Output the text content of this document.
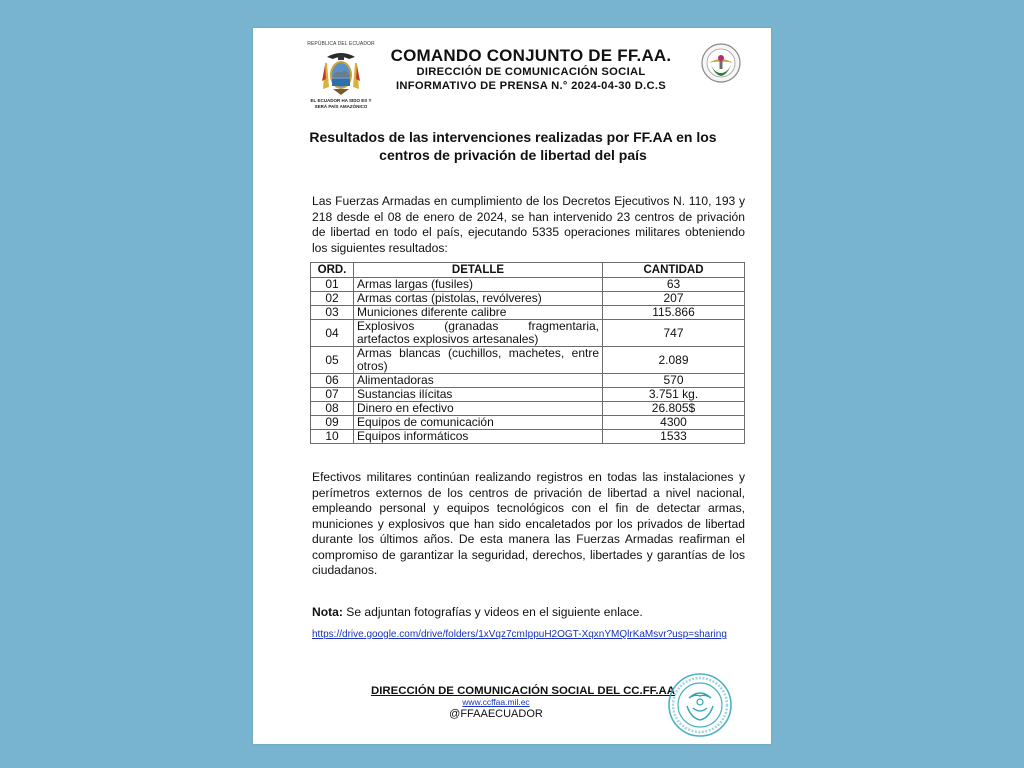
REPÚBLICA DEL ECUADOR
EL ECUADOR HA SIDO ES Y SERÁ PAÍS AMAZÓNICO
COMANDO CONJUNTO DE FF.AA.
DIRECCIÓN DE COMUNICACIÓN SOCIAL
INFORMATIVO DE PRENSA N.° 2024-04-30 D.C.S
Resultados de las intervenciones realizadas por FF.AA en los centros de privación de libertad del país
Las Fuerzas Armadas en cumplimiento de los Decretos Ejecutivos N. 110, 193 y 218 desde el 08 de enero de 2024, se han intervenido 23 centros de privación de libertad en todo el país, ejecutando 5335 operaciones militares obteniendo los siguientes resultados:
ORD.	DETALLE	CANTIDAD
01	Armas largas (fusiles)	63
02	Armas cortas (pistolas, revólveres)	207
03	Municiones diferente calibre	115.866
04	Explosivos (granadas fragmentaria, artefactos explosivos artesanales)	747
05	Armas blancas (cuchillos, machetes, entre otros)	2.089
06	Alimentadoras	570
07	Sustancias ilícitas	3.751 kg.
08	Dinero en efectivo	26.805$
09	Equipos de comunicación	4300
10	Equipos informáticos	1533
Efectivos militares continúan realizando registros en todas las instalaciones y perímetros externos de los centros de privación de libertad a nivel nacional, empleando personal y equipos tecnológicos con el fin de detectar armas, municiones y explosivos que han sido encaletados por los privados de libertad durante los últimos años. De esta manera las Fuerzas Armadas reafirman el compromiso de garantizar la seguridad, derechos, libertades y garantías de los ciudadanos.
Nota: Se adjuntan fotografías y videos en el siguiente enlace.
https://drive.google.com/drive/folders/1xVqz7cmIppuH2OGT-XqxnYMQlrKaMsvr?usp=sharing
DIRECCIÓN DE COMUNICACIÓN SOCIAL DEL CC.FF.AA
www.ccffaa.mil.ec
@FFAAECUADOR
